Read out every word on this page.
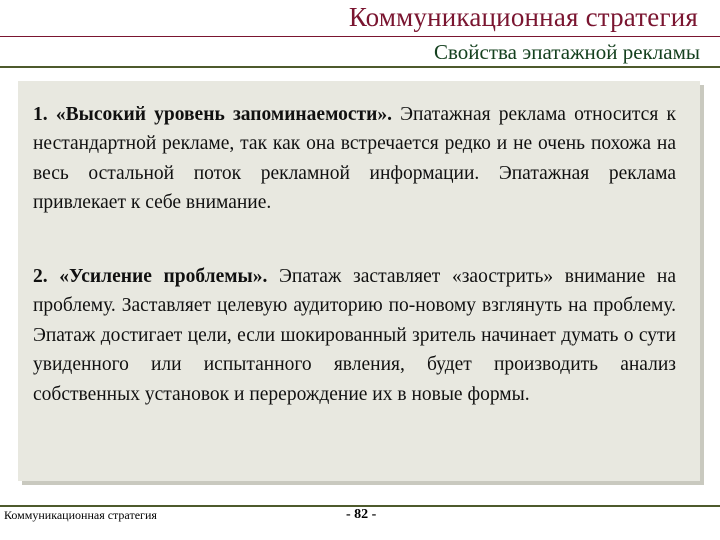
Коммуникационная стратегия
Свойства эпатажной рекламы
1. «Высокий уровень запоминаемости». Эпатажная реклама относится к нестандартной рекламе, так как она встречается редко и не очень похожа на весь остальной поток рекламной информации. Эпатажная реклама привлекает к себе внимание.
2. «Усиление проблемы». Эпатаж заставляет «заострить» внимание на проблему. Заставляет целевую аудиторию по-новому взглянуть на проблему. Эпатаж достигает цели, если шокированный зритель начинает думать о сути увиденного или испытанного явления, будет производить анализ собственных установок и перерождение их в новые формы.
Коммуникационная стратегия	- 82 -
